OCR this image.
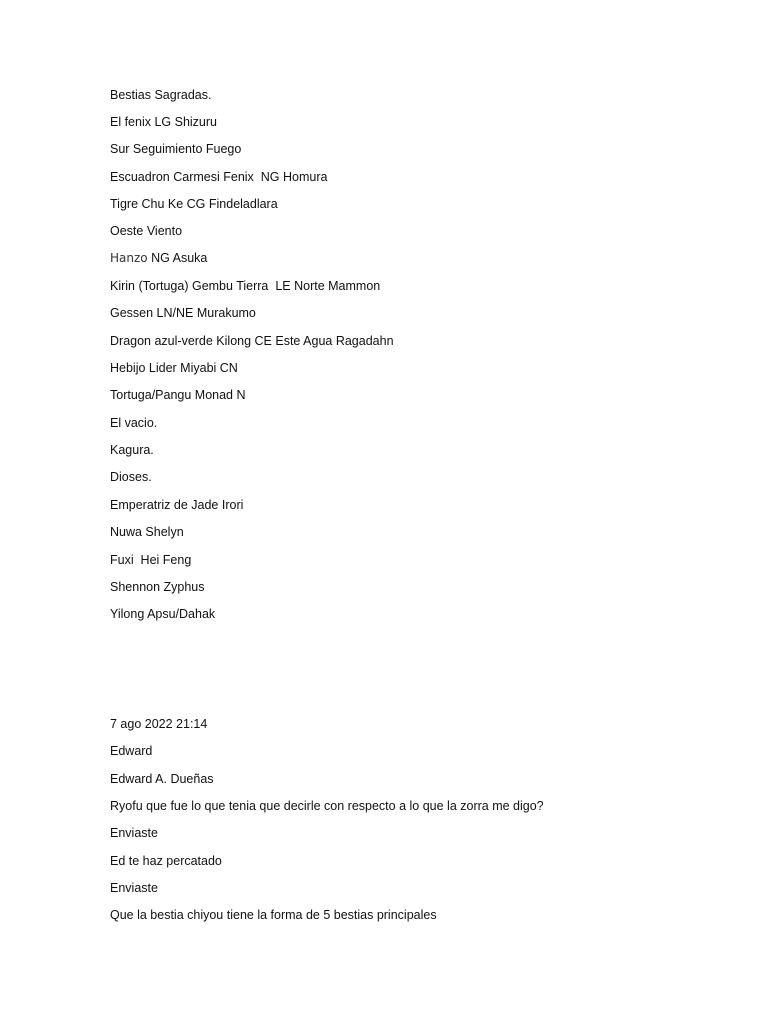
Bestias Sagradas.
El fenix LG Shizuru
Sur Seguimiento Fuego
Escuadron Carmesi Fenix  NG Homura
Tigre Chu Ke CG Findeladlara
Oeste Viento
Hanzo NG Asuka
Kirin (Tortuga) Gembu Tierra  LE Norte Mammon
Gessen LN/NE Murakumo
Dragon azul-verde Kilong CE Este Agua Ragadahn
Hebijo Lider Miyabi CN
Tortuga/Pangu Monad N
El vacio.
Kagura.
Dioses.
Emperatriz de Jade Irori
Nuwa Shelyn
Fuxi  Hei Feng
Shennon Zyphus
Yilong Apsu/Dahak
7 ago 2022 21:14
Edward
Edward A. Dueñas
Ryofu que fue lo que tenia que decirle con respecto a lo que la zorra me digo?
Enviaste
Ed te haz percatado
Enviaste
Que la bestia chiyou tiene la forma de 5 bestias principales
